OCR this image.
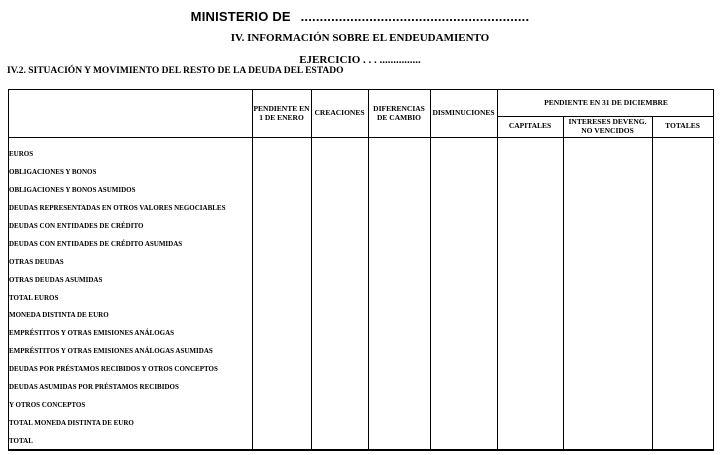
MINISTERIO DE ............................................................
IV. INFORMACIÓN SOBRE EL ENDEUDAMIENTO
EJERCICIO . . . ...............
IV.2. SITUACIÓN Y MOVIMIENTO DEL RESTO DE LA DEUDA DEL ESTADO
PENDIENTE EN 1 DE ENERO	CREACIONES	DIFERENCIAS DE CAMBIO	DISMINUCIONES
PENDIENTE EN 31 DE DICIEMBRE
CAPITALES	INTERESES DEVENG. NO VENCIDOS	TOTALES
EUROS
OBLIGACIONES Y BONOS
OBLIGACIONES Y BONOS ASUMIDOS
DEUDAS REPRESENTADAS EN OTROS VALORES NEGOCIABLES
DEUDAS CON ENTIDADES DE CRÉDITO
DEUDAS CON ENTIDADES DE CRÉDITO ASUMIDAS
OTRAS DEUDAS
OTRAS DEUDAS ASUMIDAS
TOTAL EUROS
MONEDA DISTINTA DE EURO
EMPRÉSTITOS Y OTRAS EMISIONES ANÁLOGAS
EMPRÉSTITOS Y OTRAS EMISIONES ANÁLOGAS ASUMIDAS
DEUDAS POR PRÉSTAMOS RECIBIDOS Y OTROS CONCEPTOS
DEUDAS ASUMIDAS POR PRÉSTAMOS RECIBIDOS
Y OTROS CONCEPTOS
TOTAL MONEDA DISTINTA DE EURO
TOTAL
